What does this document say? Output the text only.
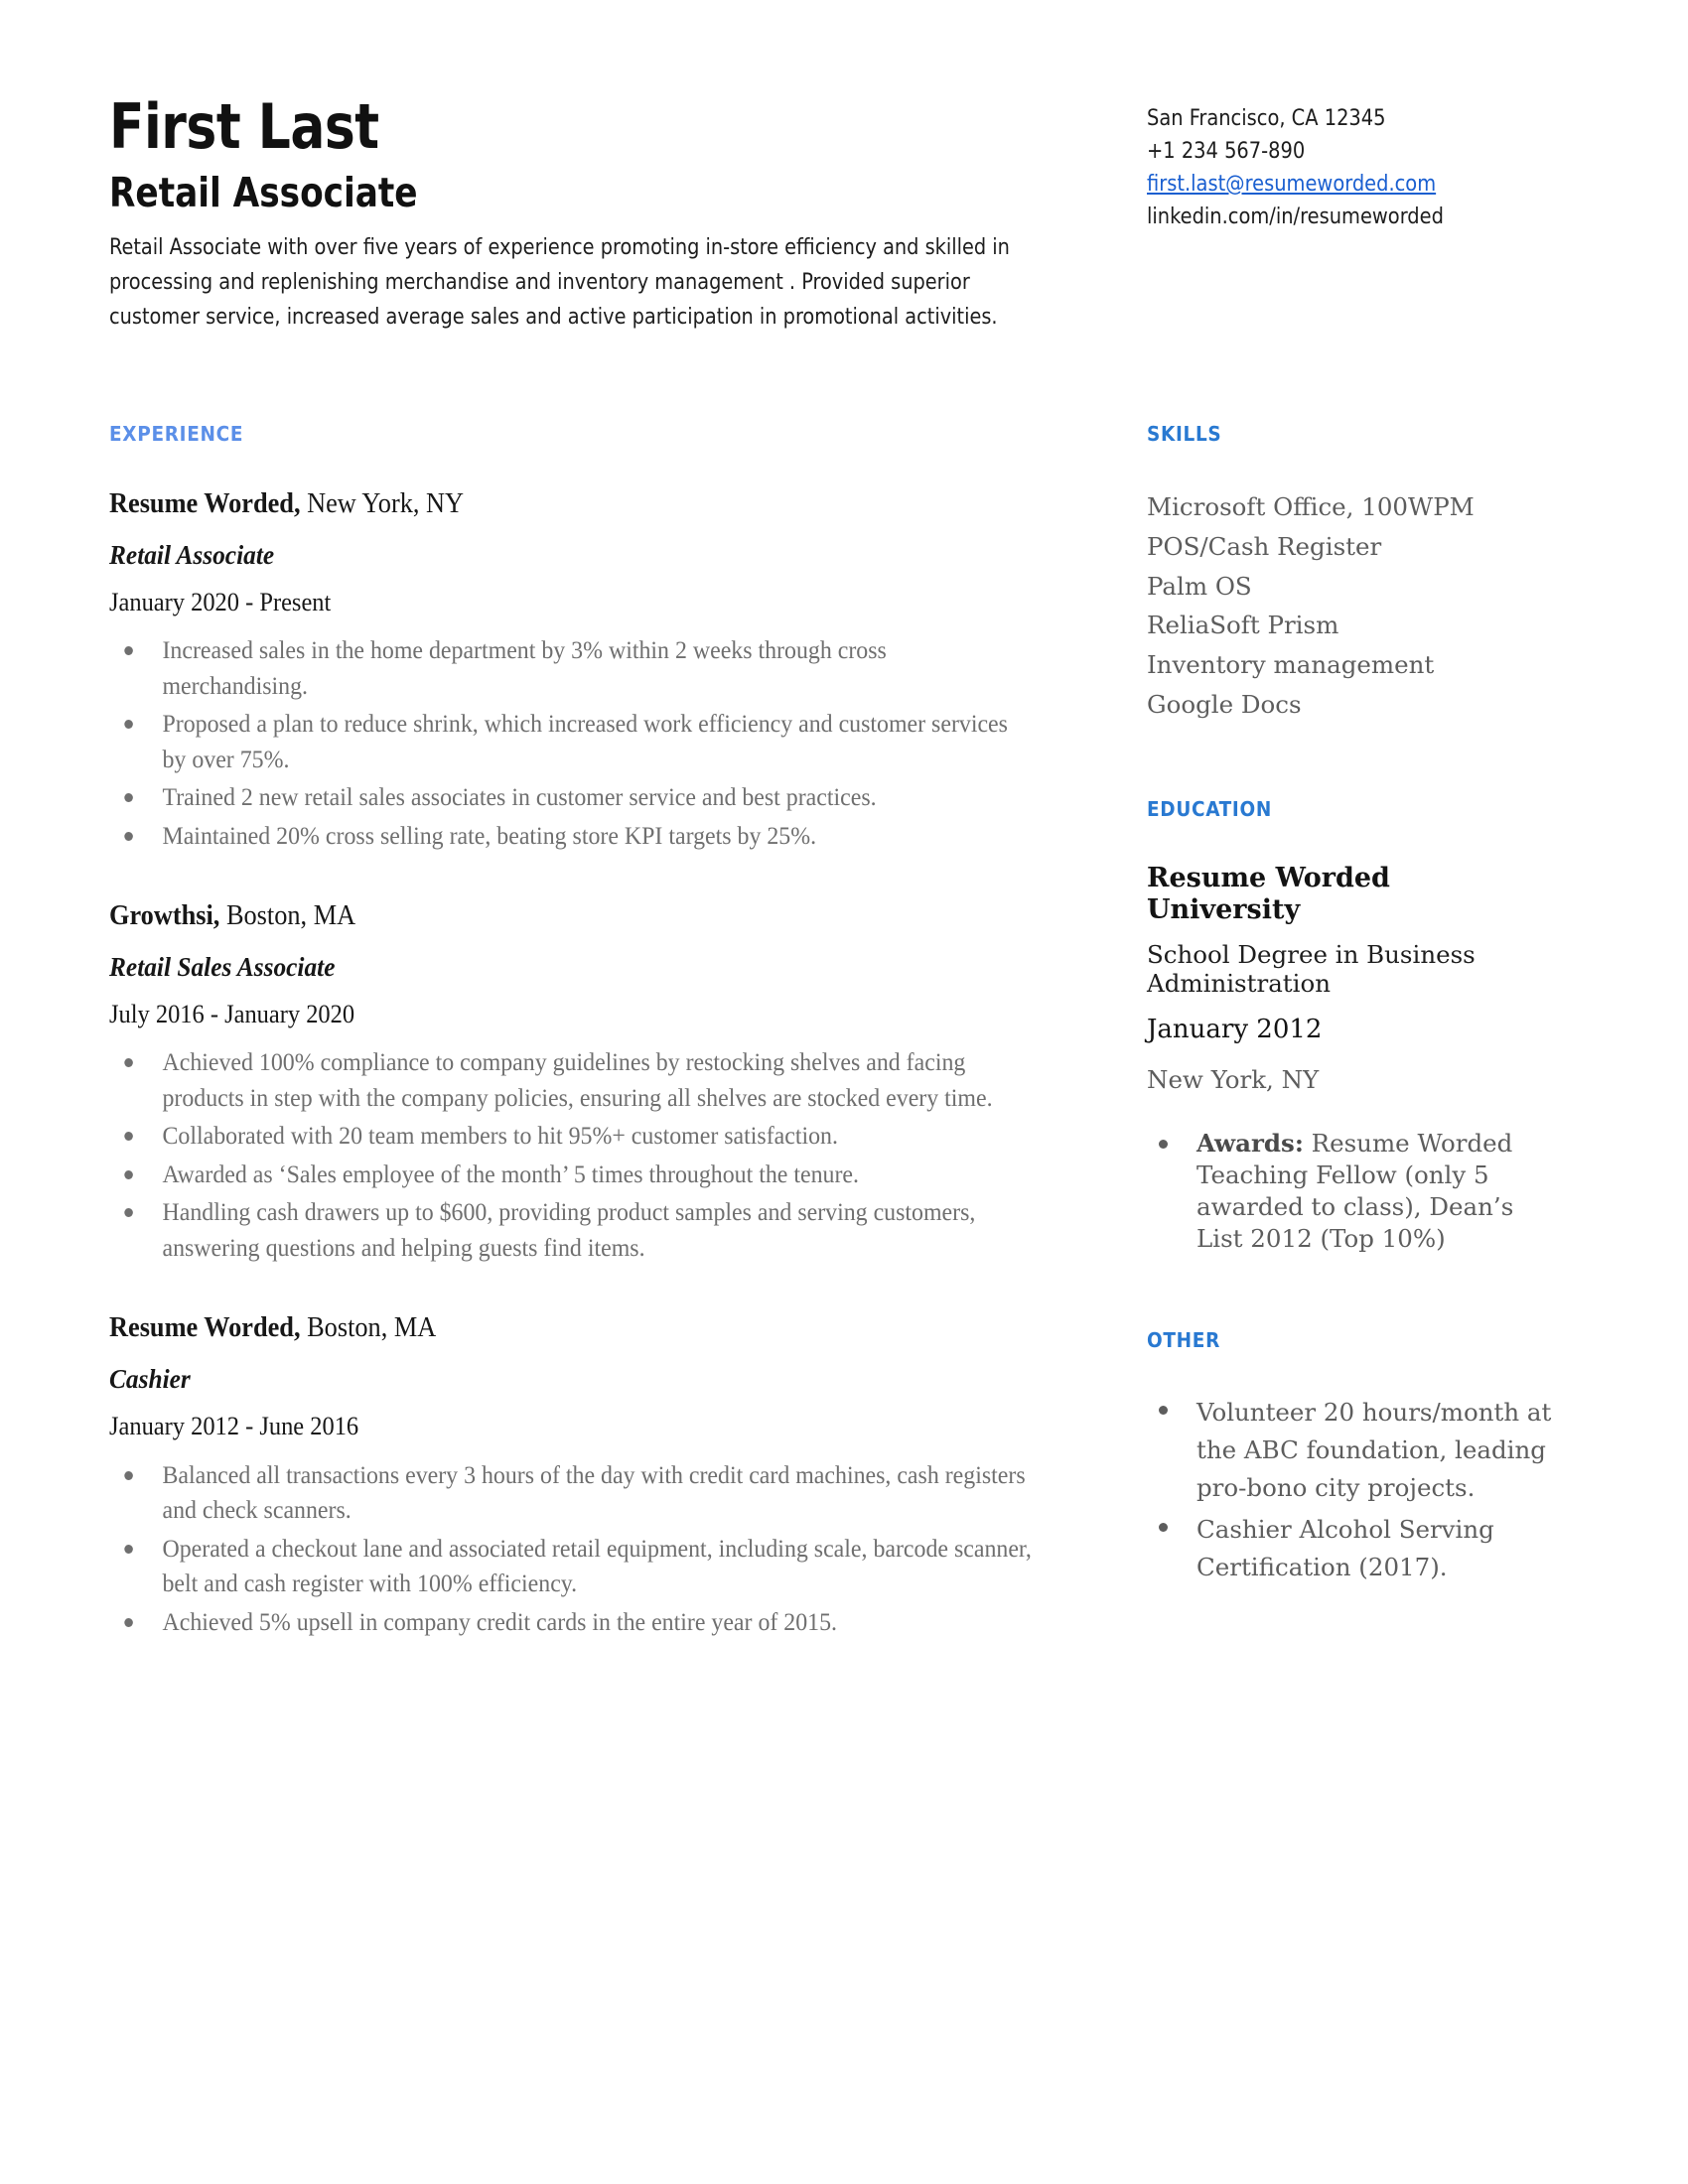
First Last
Retail Associate

Retail Associate with over five years of experience promoting in-store efficiency and skilled in processing and replenishing merchandise and inventory management . Provided superior customer service, increased average sales and active participation in promotional activities.

San Francisco, CA 12345
+1 234 567-890
first.last@resumeworded.com
linkedin.com/in/resumeworded
EXPERIENCE
Resume Worded, New York, NY
Retail Associate
January 2020 - Present
Increased sales in the home department by 3% within 2 weeks through cross merchandising.
Proposed a plan to reduce shrink, which increased work efficiency and customer services by over 75%.
Trained 2 new retail sales associates in customer service and best practices.
Maintained 20% cross selling rate, beating store KPI targets by 25%.
Growthsi, Boston, MA
Retail Sales Associate
July 2016 - January 2020
Achieved 100% compliance to company guidelines by restocking shelves and facing products in step with the company policies, ensuring all shelves are stocked every time.
Collaborated with 20 team members to hit 95%+ customer satisfaction.
Awarded as ‘Sales employee of the month’ 5 times throughout the tenure.
Handling cash drawers up to $600, providing product samples and serving customers, answering questions and helping guests find items.
Resume Worded, Boston, MA
Cashier
January 2012 - June 2016
Balanced all transactions every 3 hours of the day with credit card machines, cash registers and check scanners.
Operated a checkout lane and associated retail equipment, including scale, barcode scanner, belt and cash register with 100% efficiency.
Achieved 5% upsell in company credit cards in the entire year of 2015.
SKILLS
Microsoft Office, 100WPM
POS/Cash Register
Palm OS
ReliaSoft Prism
Inventory management
Google Docs
EDUCATION
Resume Worded University
School Degree in Business Administration
January 2012
New York, NY
Awards: Resume Worded Teaching Fellow (only 5 awarded to class), Dean’s List 2012 (Top 10%)
OTHER
Volunteer 20 hours/month at the ABC foundation, leading pro-bono city projects.
Cashier Alcohol Serving Certification (2017).
